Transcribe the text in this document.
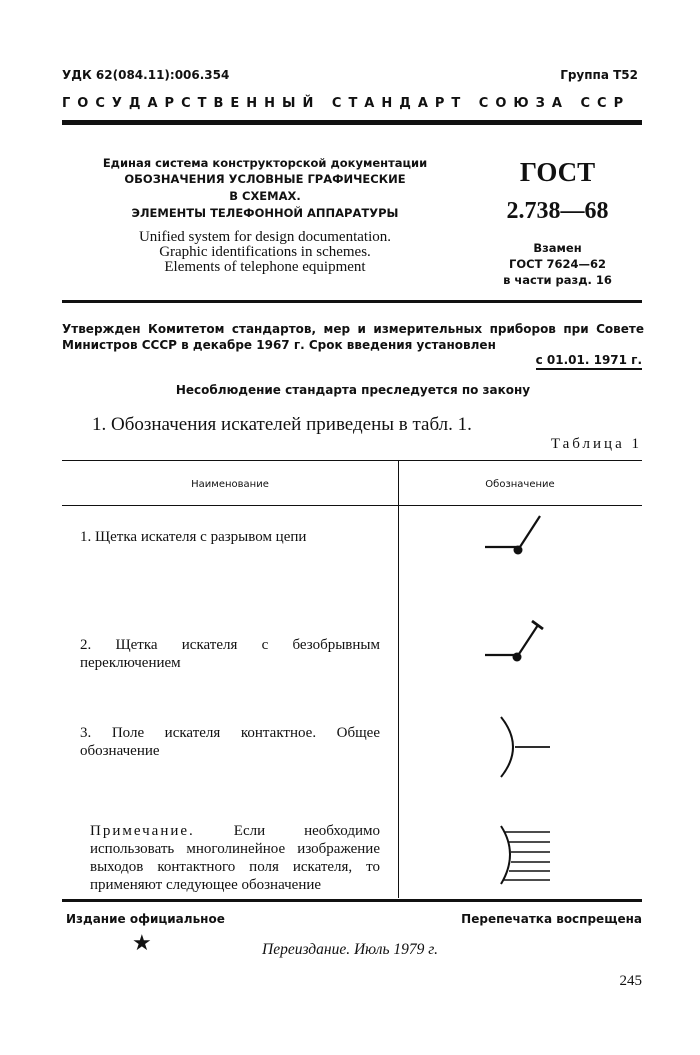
УДК 62(084.11):006.354	Группа Т52
ГОСУДАРСТВЕННЫЙ СТАНДАРТ СОЮЗА ССР
Единая система конструкторской документации
ОБОЗНАЧЕНИЯ УСЛОВНЫЕ ГРАФИЧЕСКИЕ
В СХЕМАХ.
ЭЛЕМЕНТЫ ТЕЛЕФОННОЙ АППАРАТУРЫ
Unified system for design documentation.
Graphic identifications in schemes.
Elements of telephone equipment
ГОСТ
2.738—68
Взамен
ГОСТ 7624—62
в части разд. 16
Утвержден Комитетом стандартов, мер и измерительных приборов при Совете Министров СССР в декабре 1967 г. Срок введения установлен
с 01.01. 1971 г.
Несоблюдение стандарта преследуется по закону
1. Обозначения искателей приведены в табл. 1.
Таблица 1
Наименование	Обозначение
1. Щетка искателя с разрывом цепи
2. Щетка искателя с безобрывным переключением
3. Поле искателя контактное. Общее обозначение
Примечание.	Если необходимо использовать многолинейное изображение выходов контактного поля искателя, то применяют следующее обозначение
Издание официальное	Перепечатка воспрещена
★	Переиздание. Июль 1979 г.
245
